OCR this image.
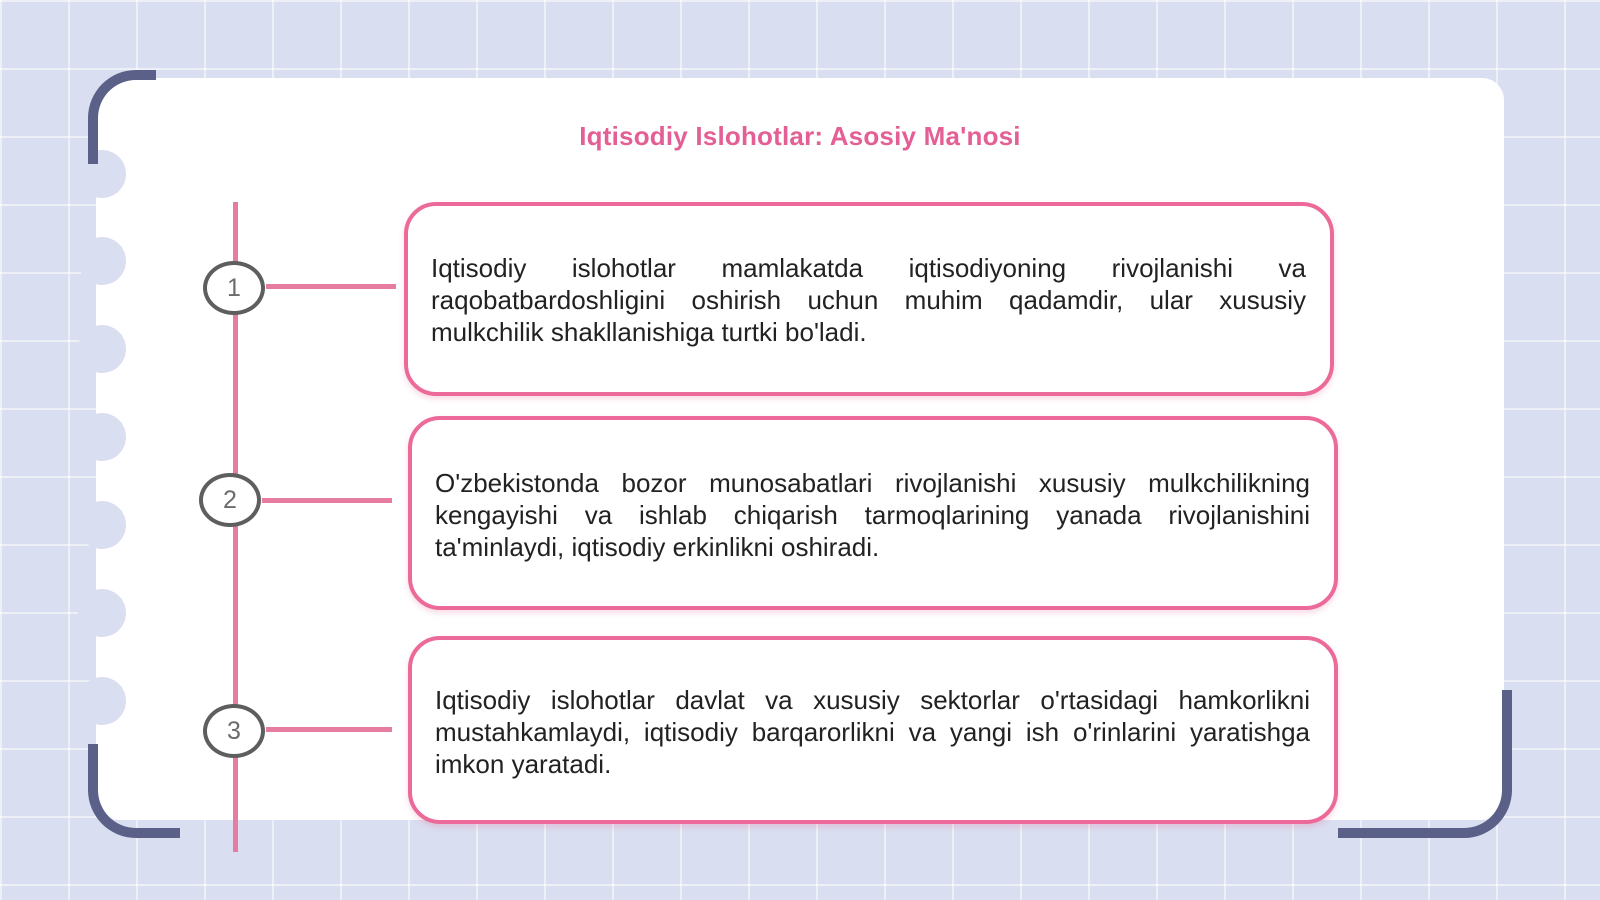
Iqtisodiy Islohotlar: Asosiy Ma'nosi
1
Iqtisodiy islohotlar mamlakatda iqtisodiyoning rivojlanishi va raqobatbardoshligini oshirish uchun muhim qadamdir, ular xususiy mulkchilik shakllanishiga turtki bo'ladi.
2
O'zbekistonda bozor munosabatlari rivojlanishi xususiy mulkchilikning kengayishi va ishlab chiqarish tarmoqlarining yanada rivojlanishini ta'minlaydi, iqtisodiy erkinlikni oshiradi.
3
Iqtisodiy islohotlar davlat va xususiy sektorlar o'rtasidagi hamkorlikni mustahkamlaydi, iqtisodiy barqarorlikni va yangi ish o'rinlarini yaratishga imkon yaratadi.
